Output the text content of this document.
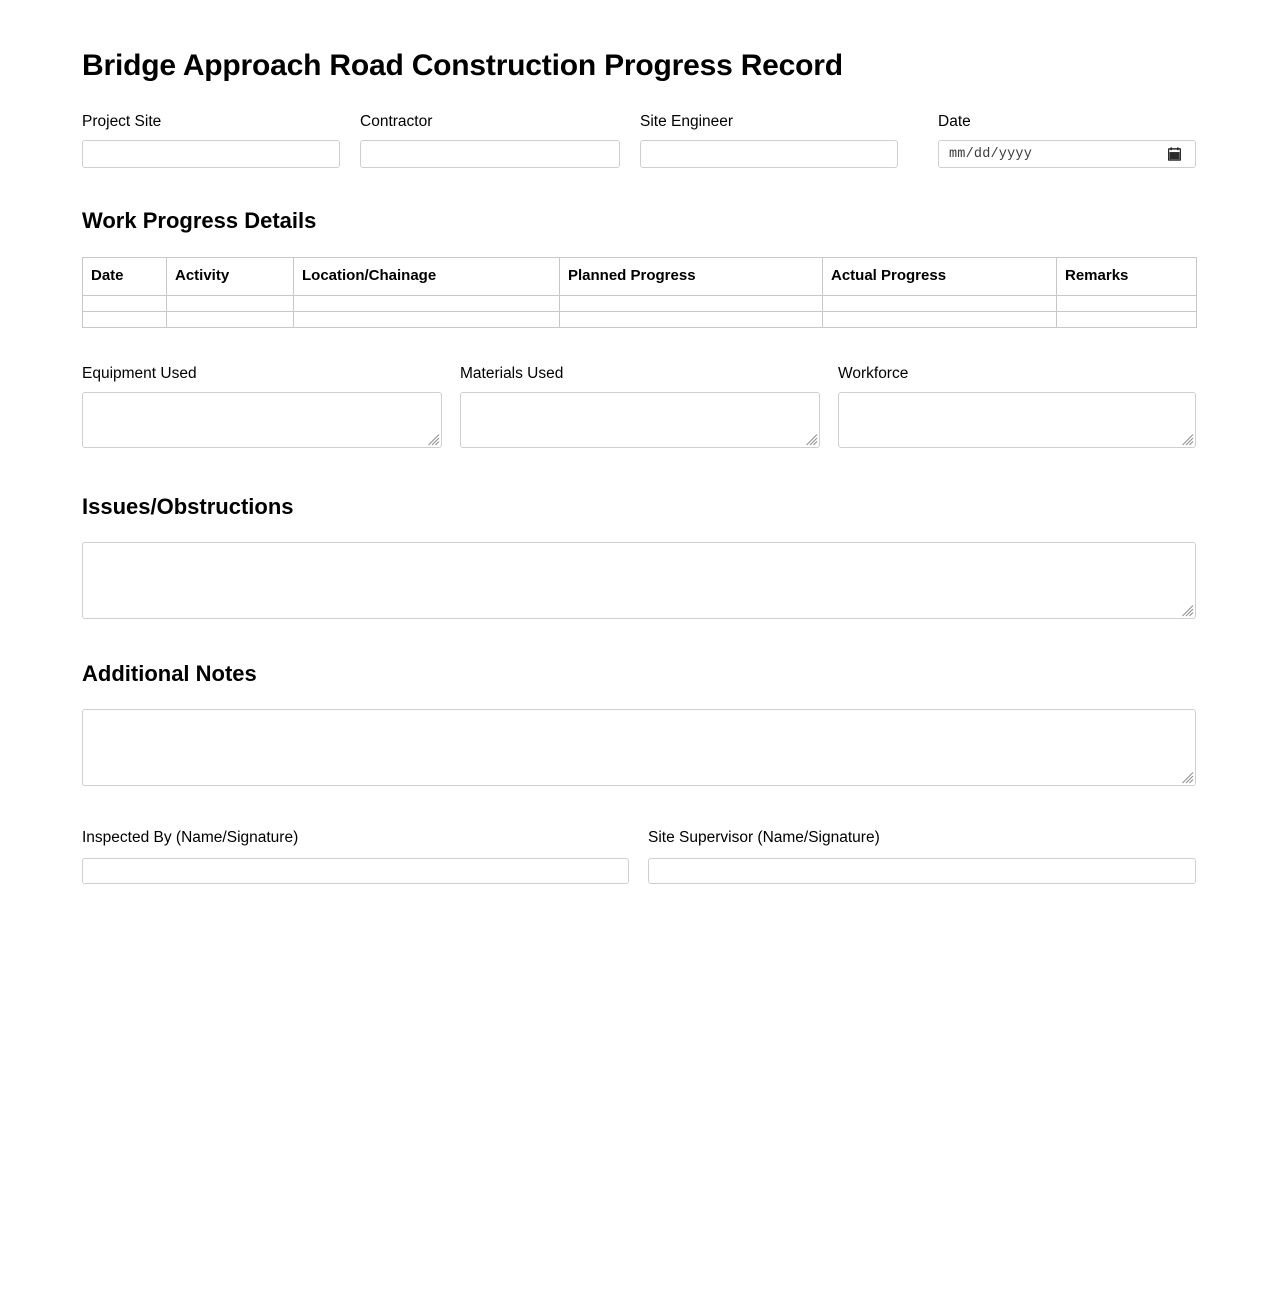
Bridge Approach Road Construction Progress Record
Project Site	Contractor	Site Engineer	Date
mm/dd/yyyy
Work Progress Details
Date	Activity	Location/Chainage	Planned Progress	Actual Progress	Remarks

Equipment Used	Materials Used	Workforce
Issues/Obstructions
Additional Notes
Inspected By (Name/Signature)	Site Supervisor (Name/Signature)
